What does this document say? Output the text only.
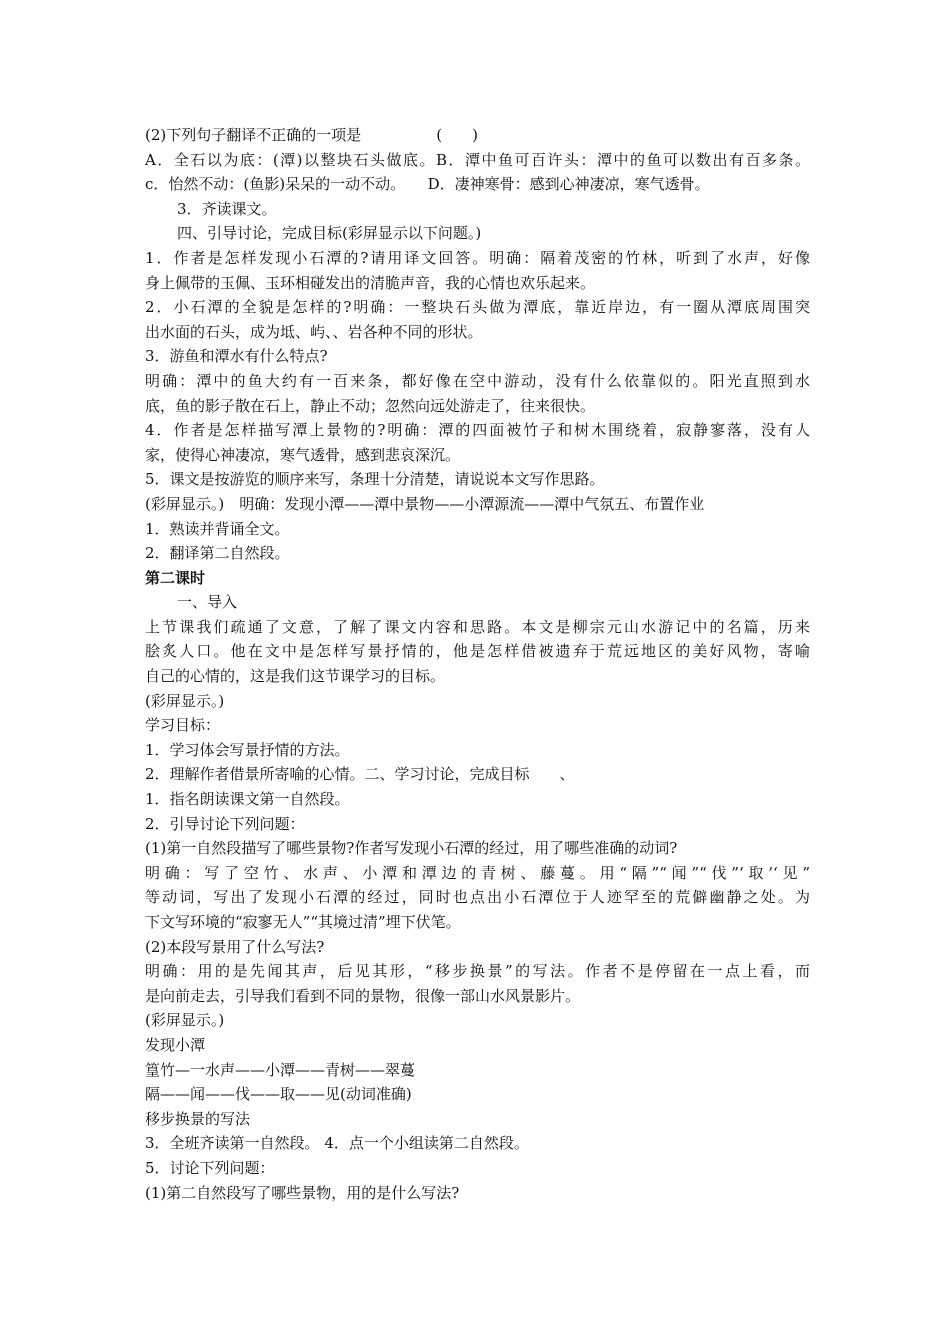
(2)下列句子翻译不正确的一项是　　　　　(　　)
A．全石以为底：(潭)以整块石头做底。B．潭中鱼可百许头：潭中的鱼可以数出有百多条。
c．怡然不动：(鱼影)呆呆的一动不动。　　D．凄神寒骨：感到心神凄凉，寒气透骨。
3．齐读课文。
四、引导讨论，完成目标(彩屏显示以下问题。)
1．作者是怎样发现小石潭的?请用译文回答。明确：隔着茂密的竹林，听到了水声，好像
身上佩带的玉佩、玉环相碰发出的清脆声音，我的心情也欢乐起来。
2．小石潭的全貌是怎样的?明确：一整块石头做为潭底，靠近岸边，有一圈从潭底周围突
出水面的石头，成为坻、屿、、岩各种不同的形状。
3．游鱼和潭水有什么特点?
明确：潭中的鱼大约有一百来条，都好像在空中游动，没有什么依靠似的。阳光直照到水
底，鱼的影子散在石上，静止不动；忽然向远处游走了，往来很快。
4．作者是怎样描写潭上景物的?明确：潭的四面被竹子和树木围绕着，寂静寥落，没有人
家，使得心神凄凉，寒气透骨，感到悲哀深沉。
5．课文是按游览的顺序来写，条理十分清楚，请说说本文写作思路。
(彩屏显示。)　明确：发现小潭——潭中景物——小潭源流——潭中气氛五、布置作业
1．熟读并背诵全文。
2．翻译第二自然段。
第二课时
一、导入
上节课我们疏通了文意，了解了课文内容和思路。本文是柳宗元山水游记中的名篇，历来
脍炙人口。他在文中是怎样写景抒情的，他是怎样借被遗弃于荒远地区的美好风物，寄喻
自己的心情的，这是我们这节课学习的目标。
(彩屏显示。)
学习目标：
1．学习体会写景抒情的方法。
2．理解作者借景所寄喻的心情。二、学习讨论，完成目标　　、
1．指名朗读课文第一自然段。
2．引导讨论下列问题：
(1)第一自然段描写了哪些景物?作者写发现小石潭的经过，用了哪些准确的动词?
明确：写了空竹、水声、小潭和潭边的青树、藤蔓。用“隔”“闻”“伐”‘取’‘见”
等动词，写出了发现小石潭的经过，同时也点出小石潭位于人迹罕至的荒僻幽静之处。为
下文写环境的“寂寥无人”“其境过清”埋下伏笔。
(2)本段写景用了什么写法?
明确：用的是先闻其声，后见其形，“移步换景”的写法。作者不是停留在一点上看，而
是向前走去，引导我们看到不同的景物，很像一部山水风景影片。
(彩屏显示。)
发现小潭
篁竹—一水声——小潭——青树——翠蔓
隔——闻——伐——取——见(动词准确)
移步换景的写法
3．全班齐读第一自然段。 4．点一个小组读第二自然段。
5．讨论下列问题：
(1)第二自然段写了哪些景物，用的是什么写法?
